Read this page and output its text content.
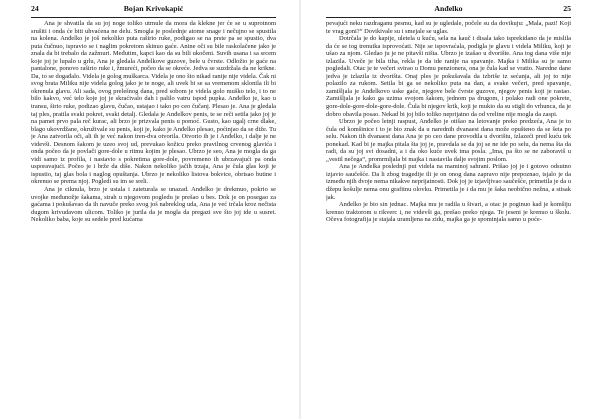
24	Bojan Krivokapić

Ana je shvatila da su joj noge toliko utrnule da mora da klekne jer će se u suprotnom srušiti i onda će biti uhvaćena ne delu. Smogla je poslednje atome snage i nečujno se spustila na kolena. Anđelko je još nekoliko puta raširio ruke, podigao se na prste pa se spustio, dva puta čučnuo, ispravio se i naglim pokretom skinuo gaće. Anine oči su bile raskolačene jako je znala da bi trebalo da zažmuri. Međutim, kapci kao da su bili ukočeni. Suvih usana i sa srcem koje joj je lupalo u grlu, Ana je gledala Anđelkove guzove, bele u čvrste. Odložio je gaće na pantalone, ponovo raširio ruke i, žmureći, počeo da se okreće. Jedva se suzdržala da ne krikne. Da, to se događalo. Videla je golog muškarca. Videla je ono što nikad ranije nije videla. Čak ni svog brata Miliku nije videla golog jako je te noge, ali uvek bi se sa vremenom sklonila ili bi okrenula glavu. Ali sada, ovog prelešnog dana, pred sobom je videla golo muško telo, i to ne bilo kakvo, već telo koje joj je skraćivalo dah i palilo vatru ispod pupka. Anđelko je, kao u transu, širio ruke, podizao glavu, čučao, ustajao i tako po ceo čučanj. Plesao je. Ana je gledala taj ples, pratila svaki pokret, svaki detalj. Gledala je Anđelkov penis, te se reči setila jako joj je na pamet prvo pala reč kurac, ali brzo je prizvala penis u pomoć. Gusto, kao ugalj crne dlake, blago ukovrdžane, okruživale su penis, koji je, kako je Anđelko plesao, poćinjao da se diže. Tu je Ana zatvorila oči, ali ih je već nakon tren-dva otvorila. Otvorio ih je i Anđelko, i dalje je ne videvši. Desnom šakom je uzeo svoj ud, prevukao kožicu preko pravilnog crvenog glavića i onda počeo da je povlači gore-dole u ritmu kojim je plesao. Ubrzo je seo, Ana je mogla da ga vidi samo iz profila, i nastavio s pokretima gore-dole, povremeno ih ubrzavajući pa onda usporavajući. Počeo je i brže da diše. Nakon nekoliko jačih trzaja, Ana je čula glas koji je ispustio, taj glas bola i naglog opuštanja. Ubrzo je nekoliko listova bokvice, obrisao butine i okrenuo se prema njoj. Pogledi su im se sreli.

Ana je ciknula, brzo je ustala i zateturala se unazad. Anđelko je drekmuo, pokrio se uvojke međunožje šakama, strah u njegovom pogledu je prešao u bes. Dok je on posegao za gaćama i pokušavao da ih navuče preko svog još nabreklog uda, Ana je već trčala kroz nečista dugom krivudavom ulicom. Toliko je jurila da je mogla da pregazi sve što joj ide u susret. Nekoliko baba, koje su sedele pred kućama

Anđelko	25

pevajući neku razdraganu pesmu, kad su je ugledale, počele su da dovikuju: „Mala, pazi! Koji te vrag goni?“ Dovikivale su i smejale se uglas.

Dotrčala je do kapije, uletela u kuću, sela na kauč i disala tako isprekidano da je mislila da će se tog trenutka isprovoćati. Nije se ispovraćala, podigla je glavu i videla Miliku, koji je ušao za njom. Gledao ju je ne pitavši ništa. Ubrzo je izašao u dvorište. Ana tog dana više nije izlazila. Uveče je bila tiha, reklа je da ide ranije na spavanje. Majka i Milika su je samo pogledali. Otac je te večeri svirao u Domu penzionera, ona je čula kad se vratio. Naredne dane jedva je izlazila iz dvorišta. Onaj ples je pokušavala da izbriše iz sećanja, ali joj to nije polazilo za rukom. Setila bi ga se nekoliko puta na dan, a svake večeri, pred spavanje, zamišljala je Anđelkovo uske gaće, njegove bele čvrste guzove, njegov penis koji je rastao. Zamišljala je kako ga uzima svojom šakom, jednom pa drugom, i polako radi one pokrete, gore-dole-gore-dole-gore-dole. Čula bi njegov krik, koji je mukio da su stigli do vrhunca, da je dobro obavila posao. Nekad bi joj bilo toliko neprijatno da od vreline nije mogla da zaspi.

Ubrzo je počeo letnji raspust, Anđelko je otišao na letovanje preko predzeća, Ana je to čula od komšinice i to je bio znak da u narednih dvanaest dana može opuštено da se šeta po selu. Nakon tih dvanaest dana Ana je po ceo dane provodila u dvorištu, izlazeći pred kuću tek ponekad. Kad bi je majka pitala šta joj je, pravdala se da joj se ne ide po selu, da nema šta da radi, da su joj svi dosadni, a i da oko kuće uvek ima posla. „Ima, pa što se ne zaboraviš u „vestil nečega“, promrmljala bi majka i nastavila dalje svojim poslom.

Ana je Anđelka poslednji put videla na maminoj sahrani. Prišao joj je i gotovo odsutno izjavio saučešće. Da li zbog tragedije ili je on onog dana zapravo nije prepoznao, isjalo je da između njih dvoje nema nikakve neprijatnosti. Dok joj je izjavljivao saučešće, primetila je da u džepu košulje nema onu grafitnu olovku. Primetila je i da mu je šaka neobično nežna, a stisak jak.

Anđelko je bio sin jednac. Majka mu je radila u šivari, a otac je poginuo kad je komšiju krenuo traktorom u rikverc i, ne videvši ga, prešao preko njega. Te jeseni je krenuo u školu. Očeva fotografija je stajala uramljena na zidu, majka ga je spominjala samo u poće-
